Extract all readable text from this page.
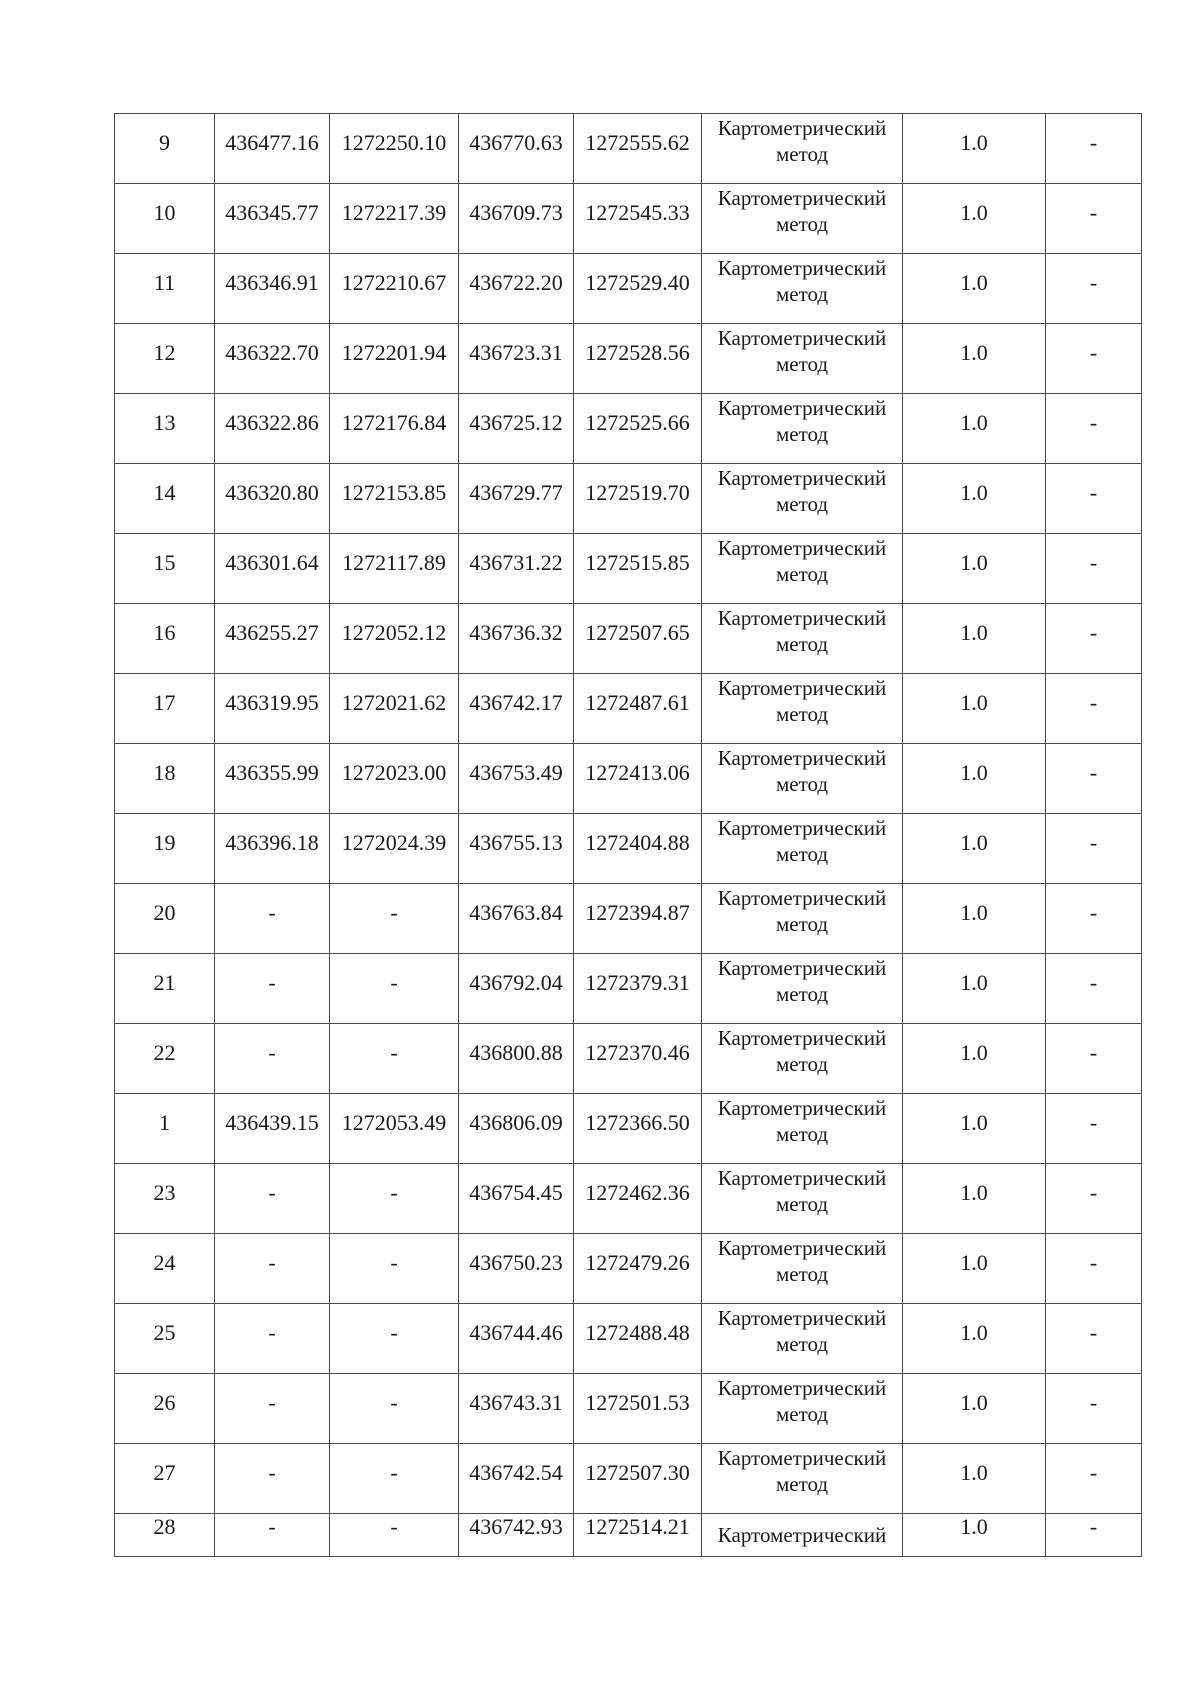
9	436477.16	1272250.10	436770.63	1272555.62	Картометрический
метод	1.0	-
10	436345.77	1272217.39	436709.73	1272545.33	Картометрический
метод	1.0	-
11	436346.91	1272210.67	436722.20	1272529.40	Картометрический
метод	1.0	-
12	436322.70	1272201.94	436723.31	1272528.56	Картометрический
метод	1.0	-
13	436322.86	1272176.84	436725.12	1272525.66	Картометрический
метод	1.0	-
14	436320.80	1272153.85	436729.77	1272519.70	Картометрический
метод	1.0	-
15	436301.64	1272117.89	436731.22	1272515.85	Картометрический
метод	1.0	-
16	436255.27	1272052.12	436736.32	1272507.65	Картометрический
метод	1.0	-
17	436319.95	1272021.62	436742.17	1272487.61	Картометрический
метод	1.0	-
18	436355.99	1272023.00	436753.49	1272413.06	Картометрический
метод	1.0	-
19	436396.18	1272024.39	436755.13	1272404.88	Картометрический
метод	1.0	-
20	-	-	436763.84	1272394.87	Картометрический
метод	1.0	-
21	-	-	436792.04	1272379.31	Картометрический
метод	1.0	-
22	-	-	436800.88	1272370.46	Картометрический
метод	1.0	-
1	436439.15	1272053.49	436806.09	1272366.50	Картометрический
метод	1.0	-
23	-	-	436754.45	1272462.36	Картометрический
метод	1.0	-
24	-	-	436750.23	1272479.26	Картометрический
метод	1.0	-
25	-	-	436744.46	1272488.48	Картометрический
метод	1.0	-
26	-	-	436743.31	1272501.53	Картометрический
метод	1.0	-
27	-	-	436742.54	1272507.30	Картометрический
метод	1.0	-
28	-	-	436742.93	1272514.21	Картометрический	1.0	-
